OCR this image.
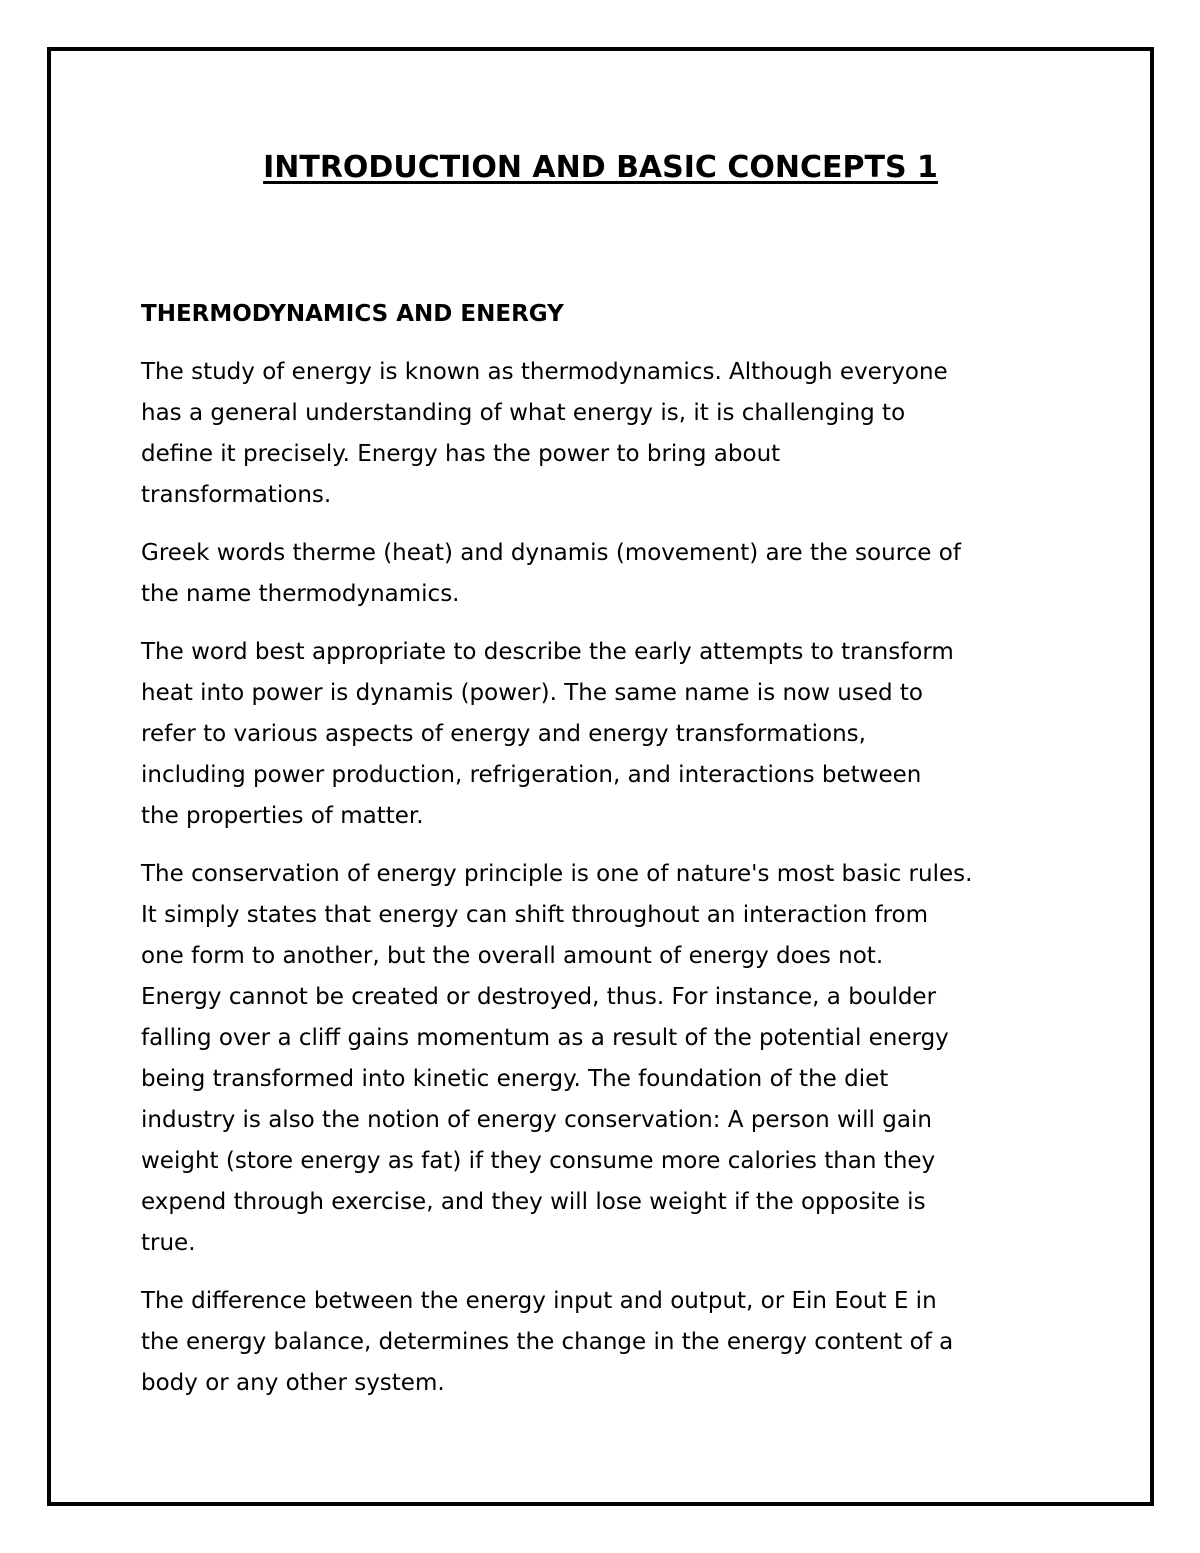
INTRODUCTION AND BASIC CONCEPTS 1
THERMODYNAMICS AND ENERGY

The study of energy is known as thermodynamics. Although everyone
has a general understanding of what energy is, it is challenging to
define it precisely. Energy has the power to bring about
transformations.

Greek words therme (heat) and dynamis (movement) are the source of
the name thermodynamics.

The word best appropriate to describe the early attempts to transform
heat into power is dynamis (power). The same name is now used to
refer to various aspects of energy and energy transformations,
including power production, refrigeration, and interactions between
the properties of matter.

The conservation of energy principle is one of nature's most basic rules.
It simply states that energy can shift throughout an interaction from
one form to another, but the overall amount of energy does not.
Energy cannot be created or destroyed, thus. For instance, a boulder
falling over a cliff gains momentum as a result of the potential energy
being transformed into kinetic energy. The foundation of the diet
industry is also the notion of energy conservation: A person will gain
weight (store energy as fat) if they consume more calories than they
expend through exercise, and they will lose weight if the opposite is
true.

The difference between the energy input and output, or Ein Eout E in
the energy balance, determines the change in the energy content of a
body or any other system.
